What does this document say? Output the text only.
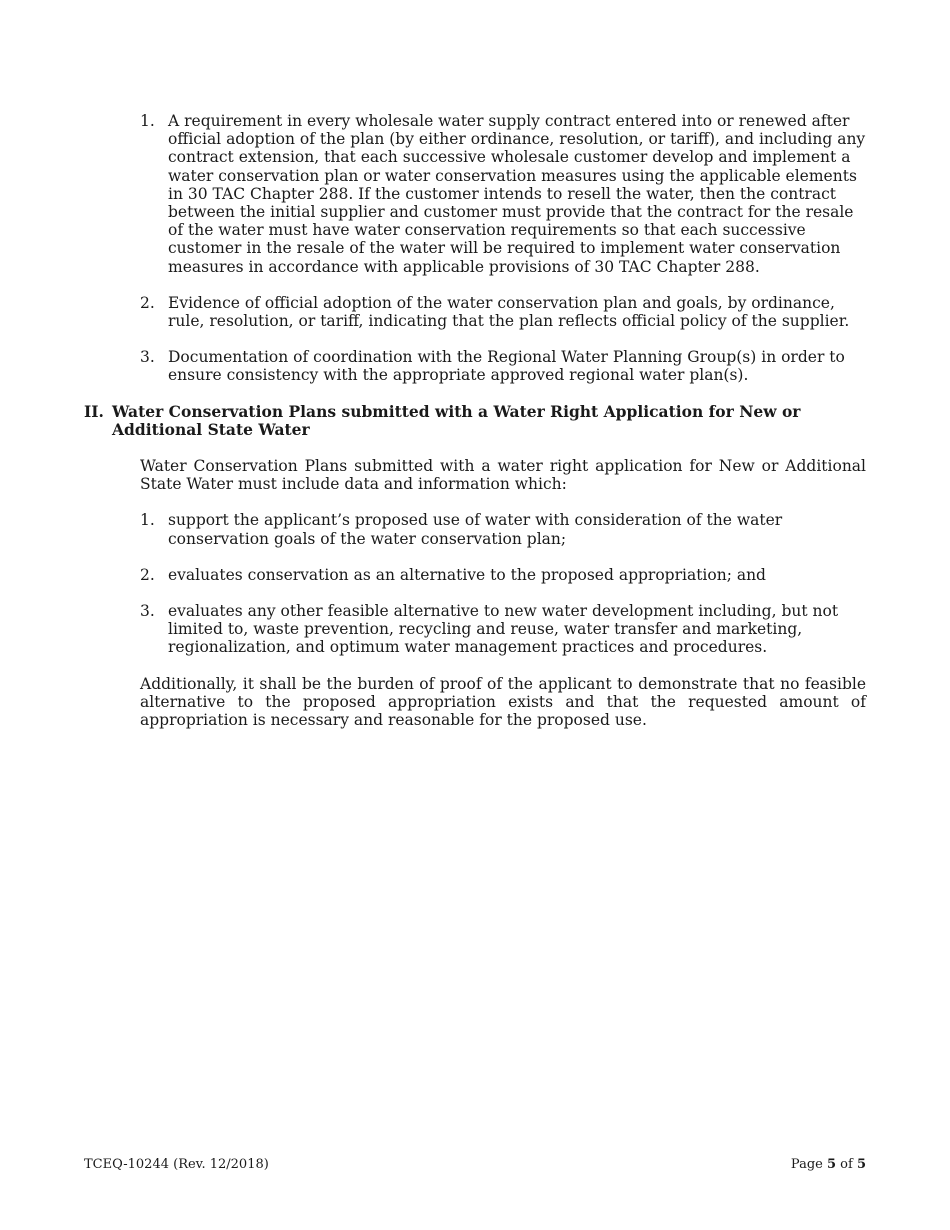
1. A requirement in every wholesale water supply contract entered into or renewed after official adoption of the plan (by either ordinance, resolution, or tariff), and including any contract extension, that each successive wholesale customer develop and implement a water conservation plan or water conservation measures using the applicable elements in 30 TAC Chapter 288. If the customer intends to resell the water, then the contract between the initial supplier and customer must provide that the contract for the resale of the water must have water conservation requirements so that each successive customer in the resale of the water will be required to implement water conservation measures in accordance with applicable provisions of 30 TAC Chapter 288.
2. Evidence of official adoption of the water conservation plan and goals, by ordinance, rule, resolution, or tariff, indicating that the plan reflects official policy of the supplier.
3. Documentation of coordination with the Regional Water Planning Group(s) in order to ensure consistency with the appropriate approved regional water plan(s).
II. Water Conservation Plans submitted with a Water Right Application for New or Additional State Water

Water Conservation Plans submitted with a water right application for New or Additional State Water must include data and information which:

1. support the applicant’s proposed use of water with consideration of the water conservation goals of the water conservation plan;
2. evaluates conservation as an alternative to the proposed appropriation; and
3. evaluates any other feasible alternative to new water development including, but not limited to, waste prevention, recycling and reuse, water transfer and marketing, regionalization, and optimum water management practices and procedures.

Additionally, it shall be the burden of proof of the applicant to demonstrate that no feasible alternative to the proposed appropriation exists and that the requested amount of appropriation is necessary and reasonable for the proposed use.

TCEQ-10244 (Rev. 12/2018)	Page 5 of 5
